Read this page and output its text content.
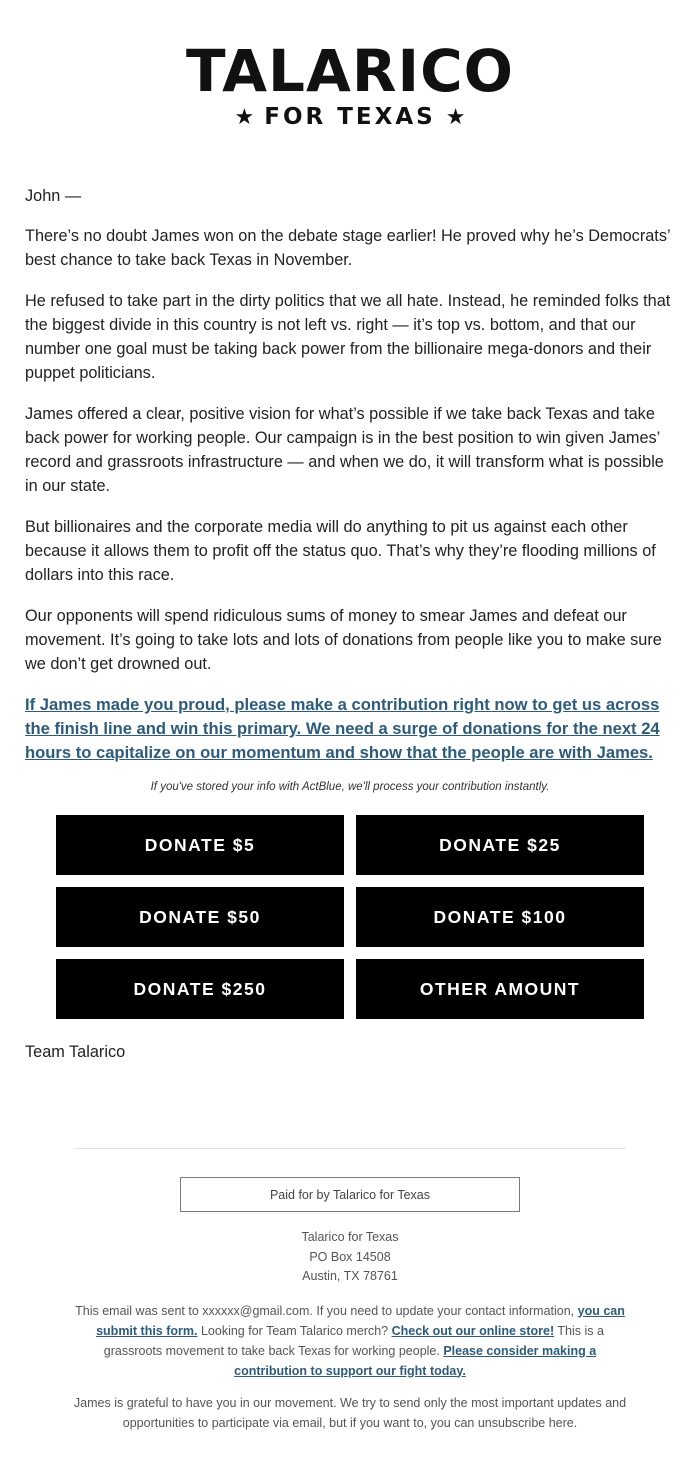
TALARICO
★ FOR TEXAS ★

John —

There’s no doubt James won on the debate stage earlier! He proved why he’s Democrats’ best chance to take back Texas in November.

He refused to take part in the dirty politics that we all hate. Instead, he reminded folks that the biggest divide in this country is not left vs. right — it’s top vs. bottom, and that our number one goal must be taking back power from the billionaire mega-donors and their puppet politicians.

James offered a clear, positive vision for what’s possible if we take back Texas and take back power for working people. Our campaign is in the best position to win given James’ record and grassroots infrastructure — and when we do, it will transform what is possible in our state.

But billionaires and the corporate media will do anything to pit us against each other because it allows them to profit off the status quo. That’s why they’re flooding millions of dollars into this race.

Our opponents will spend ridiculous sums of money to smear James and defeat our movement. It’s going to take lots and lots of donations from people like you to make sure we don’t get drowned out.

If James made you proud, please make a contribution right now to get us across the finish line and win this primary. We need a surge of donations for the next 24 hours to capitalize on our momentum and show that the people are with James.
If you've stored your info with ActBlue, we'll process your contribution instantly.
DONATE $5	DONATE $25
DONATE $50	DONATE $100
DONATE $250	OTHER AMOUNT
Team Talarico
Paid for by Talarico for Texas
Talarico for Texas
PO Box 14508
Austin, TX 78761
This email was sent to xxxxxx@gmail.com. If you need to update your contact information, you can submit this form. Looking for Team Talarico merch? Check out our online store! This is a grassroots movement to take back Texas for working people. Please consider making a contribution to support our fight today.
James is grateful to have you in our movement. We try to send only the most important updates and opportunities to participate via email, but if you want to, you can unsubscribe here.
